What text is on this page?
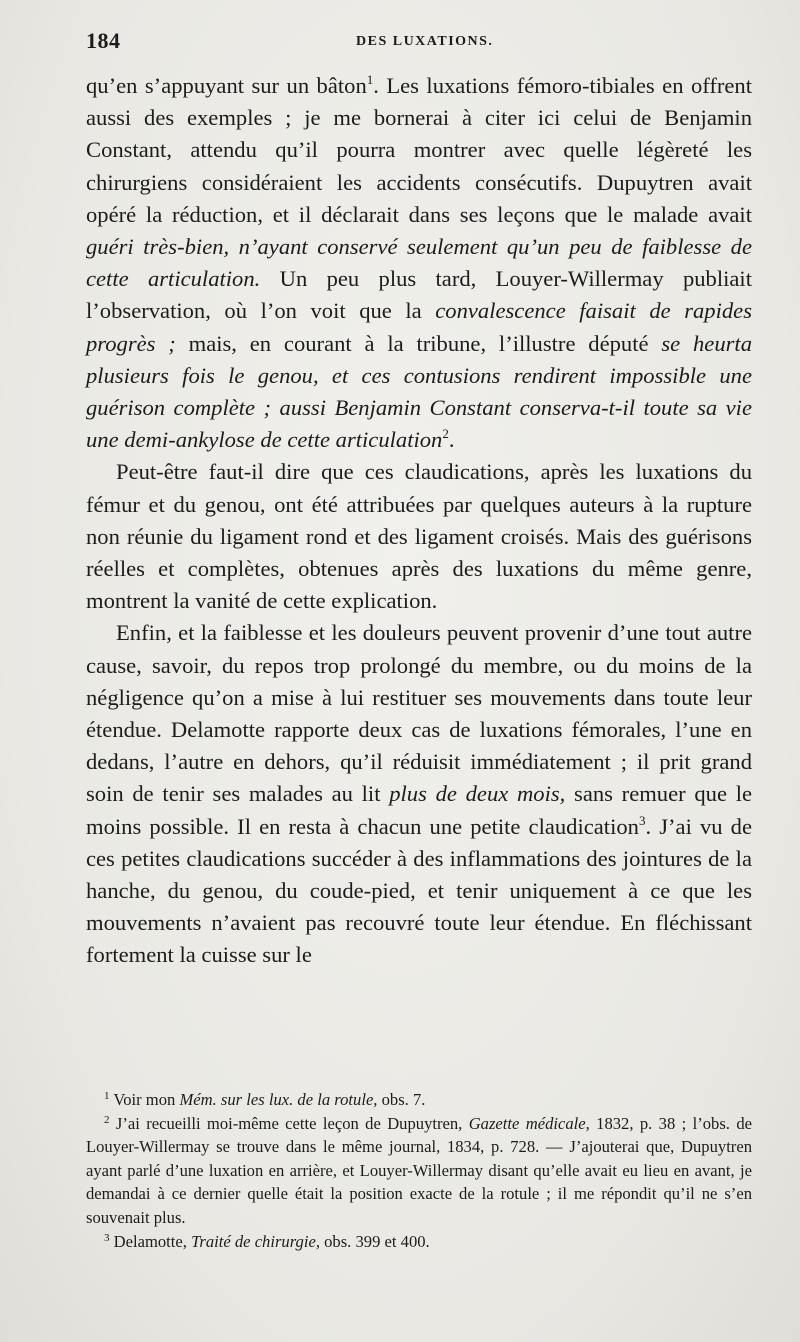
184	DES LUXATIONS.

qu’en s’appuyant sur un bâton$^1$. Les luxations fémoro-tibiales en offrent aussi des exemples ; je me bornerai à citer ici celui de Benjamin Constant, attendu qu’il pourra montrer avec quelle légèreté les chirurgiens considéraient les accidents consécutifs. Dupuytren avait opéré la réduction, et il déclarait dans ses leçons que le malade avait guéri très-bien, n’ayant conservé seulement qu’un peu de faiblesse de cette articulation. Un peu plus tard, Louyer-Willermay publiait l’observation, où l’on voit que la convalescence faisait de rapides progrès ; mais, en courant à la tribune, l’illustre député se heurta plusieurs fois le genou, et ces contusions rendirent impossible une guérison complète ; aussi Benjamin Constant conserva-t-il toute sa vie une demi-ankylose de cette articulation$^2$.

Peut-être faut-il dire que ces claudications, après les luxations du fémur et du genou, ont été attribuées par quelques auteurs à la rupture non réunie du ligament rond et des ligament croisés. Mais des guérisons réelles et complètes, obtenues après des luxations du même genre, montrent la vanité de cette explication.

Enfin, et la faiblesse et les douleurs peuvent provenir d’une tout autre cause, savoir, du repos trop prolongé du membre, ou du moins de la négligence qu’on a mise à lui restituer ses mouvements dans toute leur étendue. Delamotte rapporte deux cas de luxations fémorales, l’une en dedans, l’autre en dehors, qu’il réduisit immédiatement ; il prit grand soin de tenir ses malades au lit plus de deux mois, sans remuer que le moins possible. Il en resta à chacun une petite claudication$^3$. J’ai vu de ces petites claudications succéder à des inflammations des jointures de la hanche, du genou, du coude-pied, et tenir uniquement à ce que les mouvements n’avaient pas recouvré toute leur étendue. En fléchissant fortement la cuisse sur le

$^1$ Voir mon Mém. sur les lux. de la rotule, obs. 7.

$^2$ J’ai recueilli moi-même cette leçon de Dupuytren, Gazette médicale, 1832, p. 38 ; l’obs. de Louyer-Willermay se trouve dans le même journal, 1834, p. 728. — J’ajouterai que, Dupuytren ayant parlé d’une luxation en arrière, et Louyer-Willermay disant qu’elle avait eu lieu en avant, je demandai à ce dernier quelle était la position exacte de la rotule ; il me répondit qu’il ne s’en souvenait plus.

$^3$ Delamotte, Traité de chirurgie, obs. 399 et 400.
